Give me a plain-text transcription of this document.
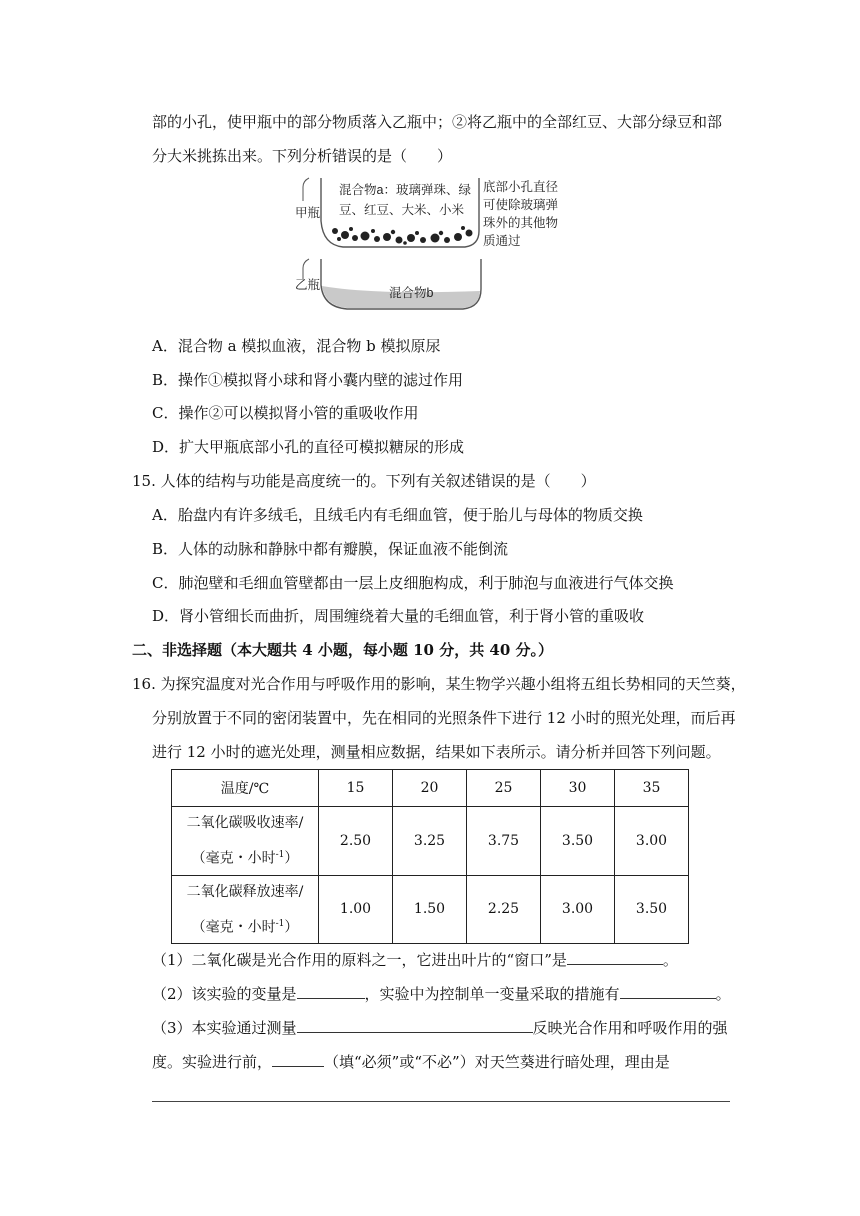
部的小孔，使甲瓶中的部分物质落入乙瓶中；②将乙瓶中的全部红豆、大部分绿豆和部
分大米挑拣出来。下列分析错误的是（　　）
甲瓶
乙瓶
混合物a：玻璃弹珠、绿
豆、红豆、大米、小米
底部小孔直径
可使除玻璃弹
珠外的其他物
质通过
混合物b
A．混合物 a 模拟血液，混合物 b 模拟原尿
B．操作①模拟肾小球和肾小囊内壁的滤过作用
C．操作②可以模拟肾小管的重吸收作用
D．扩大甲瓶底部小孔的直径可模拟糖尿的形成
15. 人体的结构与功能是高度统一的。下列有关叙述错误的是（　　）
A．胎盘内有许多绒毛，且绒毛内有毛细血管，便于胎儿与母体的物质交换
B．人体的动脉和静脉中都有瓣膜，保证血液不能倒流
C．肺泡壁和毛细血管壁都由一层上皮细胞构成，利于肺泡与血液进行气体交换
D．肾小管细长而曲折，周围缠绕着大量的毛细血管，利于肾小管的重吸收
二、非选择题（本大题共 4 小题，每小题 10 分，共 40 分。）
16. 为探究温度对光合作用与呼吸作用的影响，某生物学兴趣小组将五组长势相同的天竺葵，
分别放置于不同的密闭装置中，先在相同的光照条件下进行 12 小时的照光处理，而后再
进行 12 小时的遮光处理，测量相应数据，结果如下表所示。请分析并回答下列问题。
温度/℃	15	20	25	30	35

二氧化碳吸收速率/
（毫克・小时$^{-1}$）	2.50	3.25	3.75	3.50	3.00

二氧化碳释放速率/
（毫克・小时$^{-1}$）	1.00	1.50	2.25	3.00	3.50
（1）二氧化碳是光合作用的原料之一，它进出叶片的“窗口”是	。
（2）该实验的变量是	，实验中为控制单一变量采取的措施有	。
（3）本实验通过测量	反映光合作用和呼吸作用的强
度。实验进行前，	（填“必须”或“不必”）对天竺葵进行暗处理，理由是
